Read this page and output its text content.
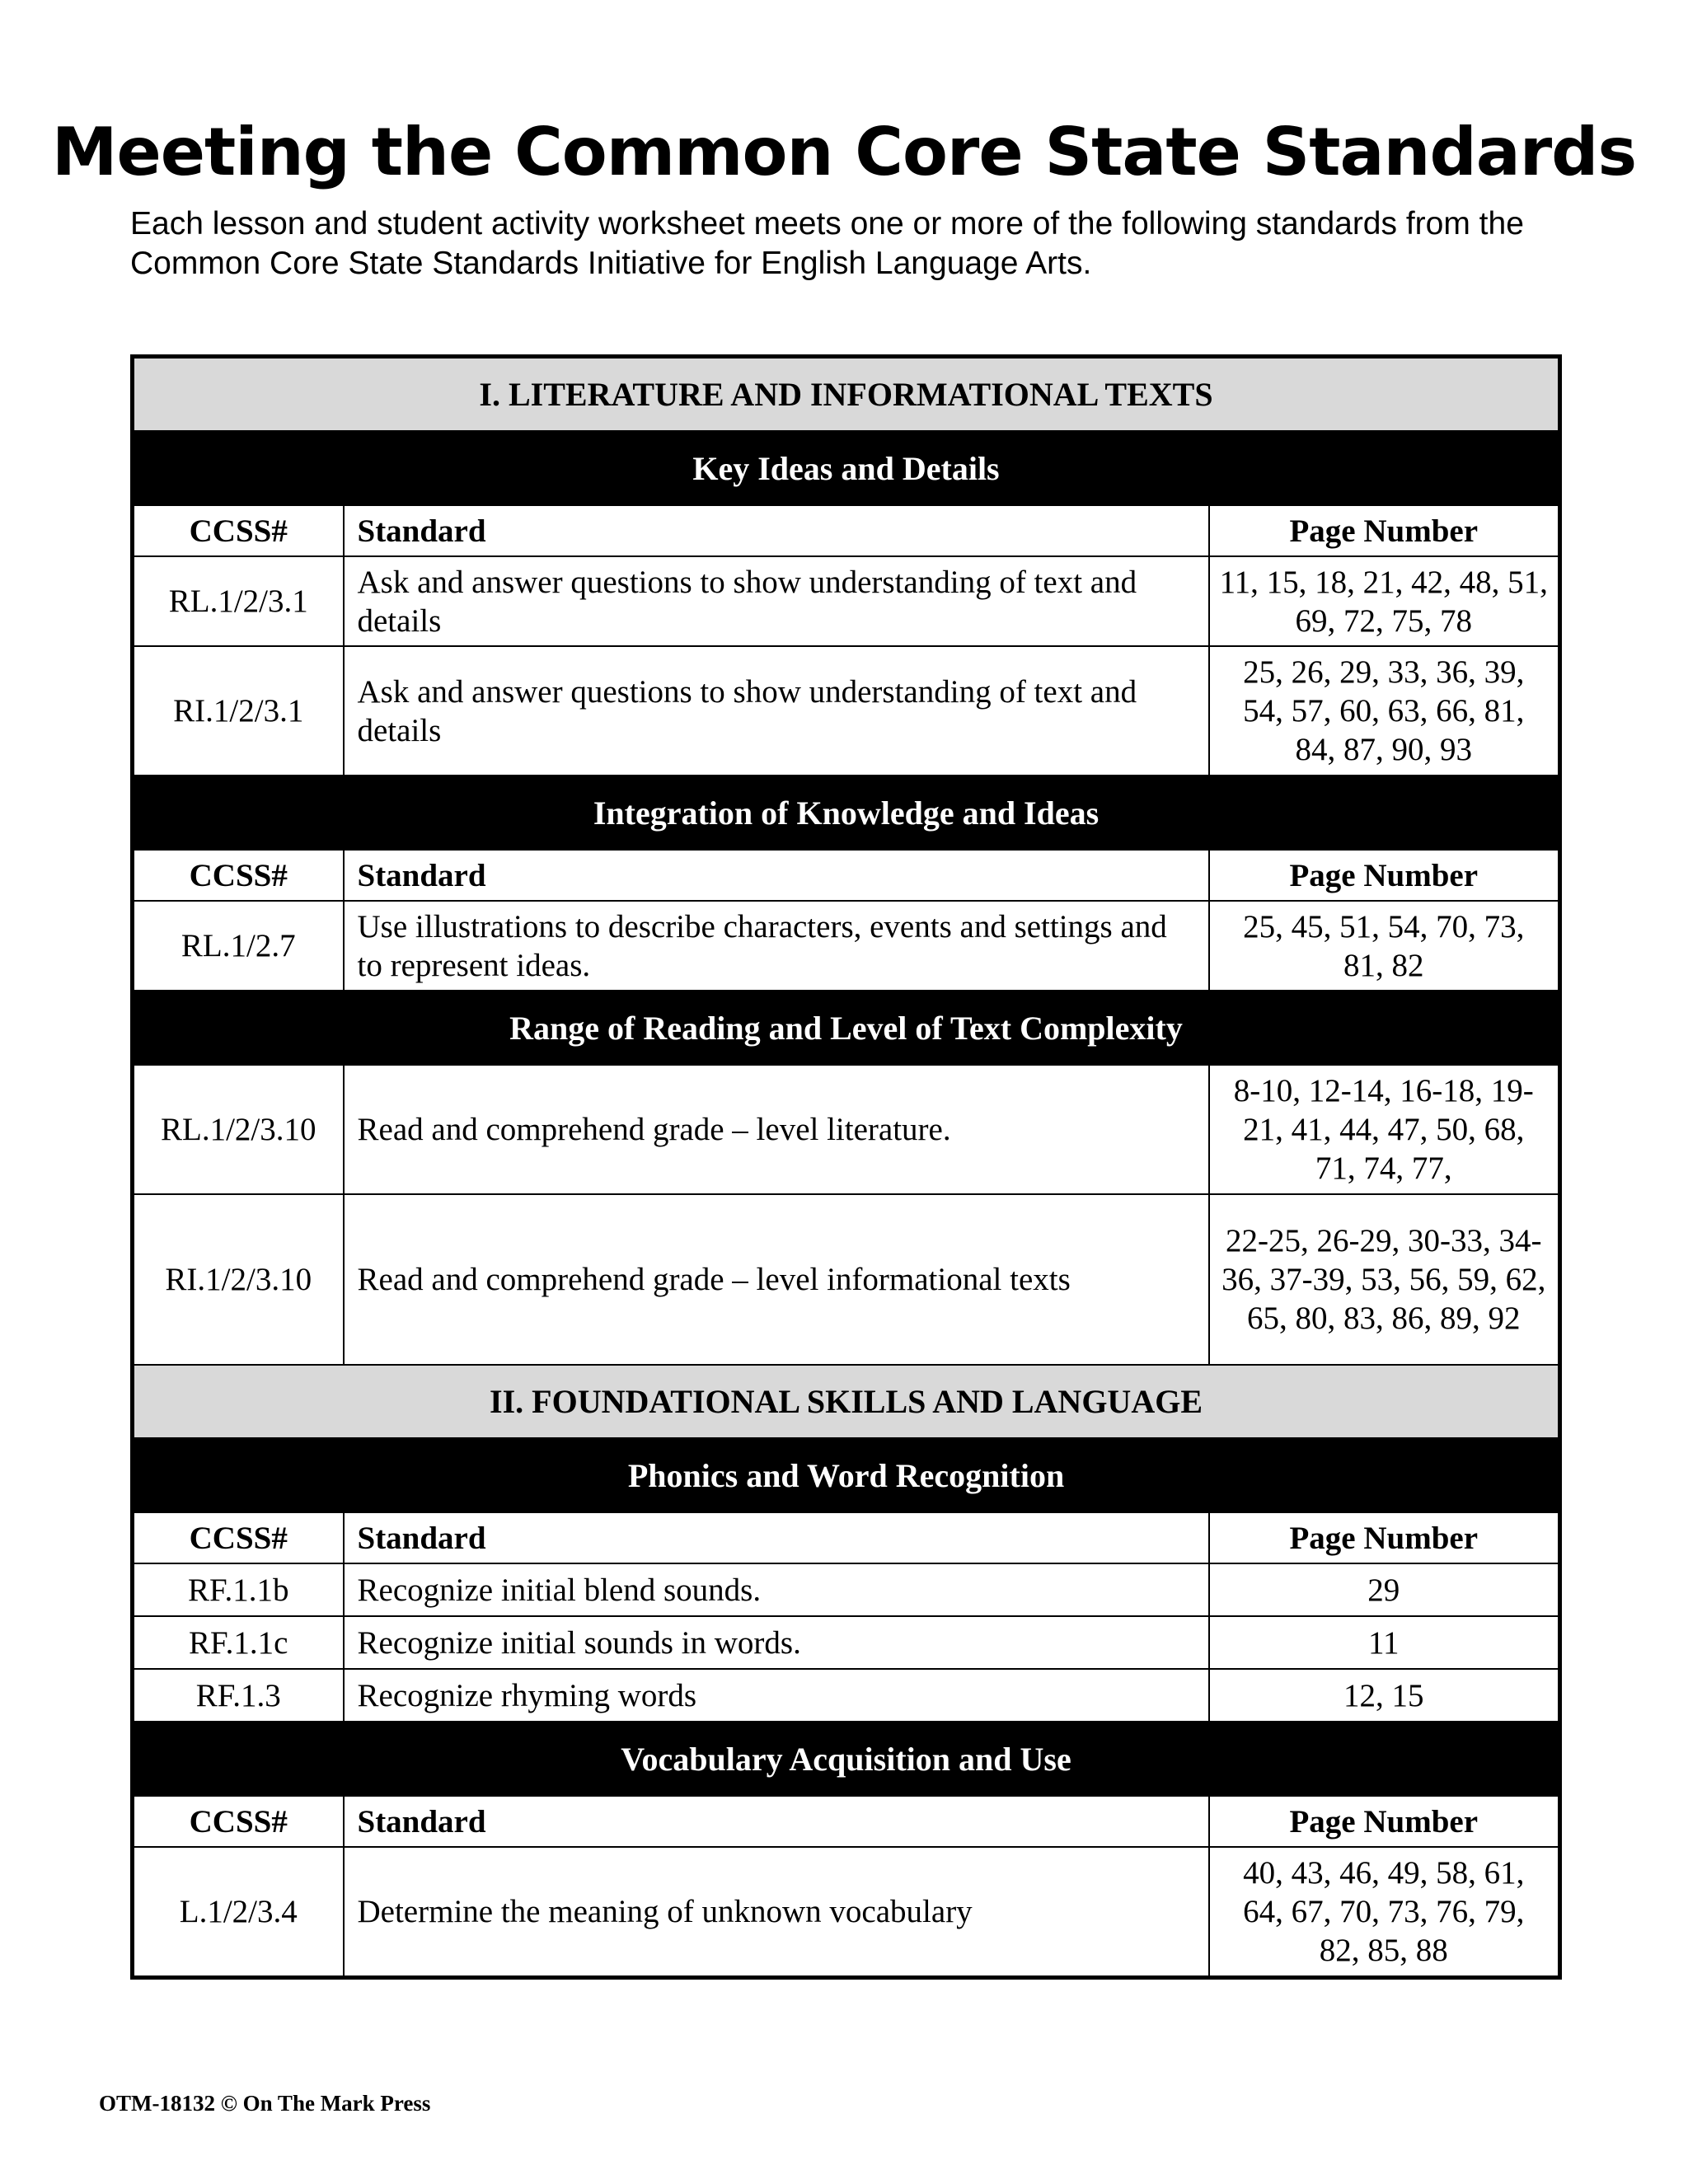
Meeting the Common Core State Standards

Each lesson and student activity worksheet meets one or more of the following standards from the Common Core State Standards Initiative for English Language Arts.

I. LITERATURE AND INFORMATIONAL TEXTS		
Key Ideas and Details		
CCSS#	Standard	Page Number
RL.1/2/3.1	Ask and answer questions to show understanding of text and details	11, 15, 18, 21, 42, 48, 51, 69, 72, 75, 78
RI.1/2/3.1	Ask and answer questions to show understanding of text and details	25, 26, 29, 33, 36, 39, 54, 57, 60, 63, 66, 81, 84, 87, 90, 93
Integration of Knowledge and Ideas		
CCSS#	Standard	Page Number
RL.1/2.7	Use illustrations to describe characters, events and settings and to represent ideas.	25, 45, 51, 54, 70, 73, 81, 82
Range of Reading and Level of Text Complexity		
RL.1/2/3.10	Read and comprehend grade – level literature.	8-10, 12-14, 16-18, 19-21, 41, 44, 47, 50, 68, 71, 74, 77,
RI.1/2/3.10	Read and comprehend grade – level informational texts	22-25, 26-29, 30-33, 34-36, 37-39, 53, 56, 59, 62, 65, 80, 83, 86, 89, 92
II. FOUNDATIONAL SKILLS AND LANGUAGE		
Phonics and Word Recognition		
CCSS#	Standard	Page Number
RF.1.1b	Recognize initial blend sounds.	29
RF.1.1c	Recognize initial sounds in words.	11
RF.1.3	Recognize rhyming words	12, 15
Vocabulary Acquisition and Use		
CCSS#	Standard	Page Number
L.1/2/3.4	Determine the meaning of unknown vocabulary	40, 43, 46, 49, 58, 61, 64, 67, 70, 73, 76, 79, 82, 85, 88

OTM-18132 © On The Mark Press
